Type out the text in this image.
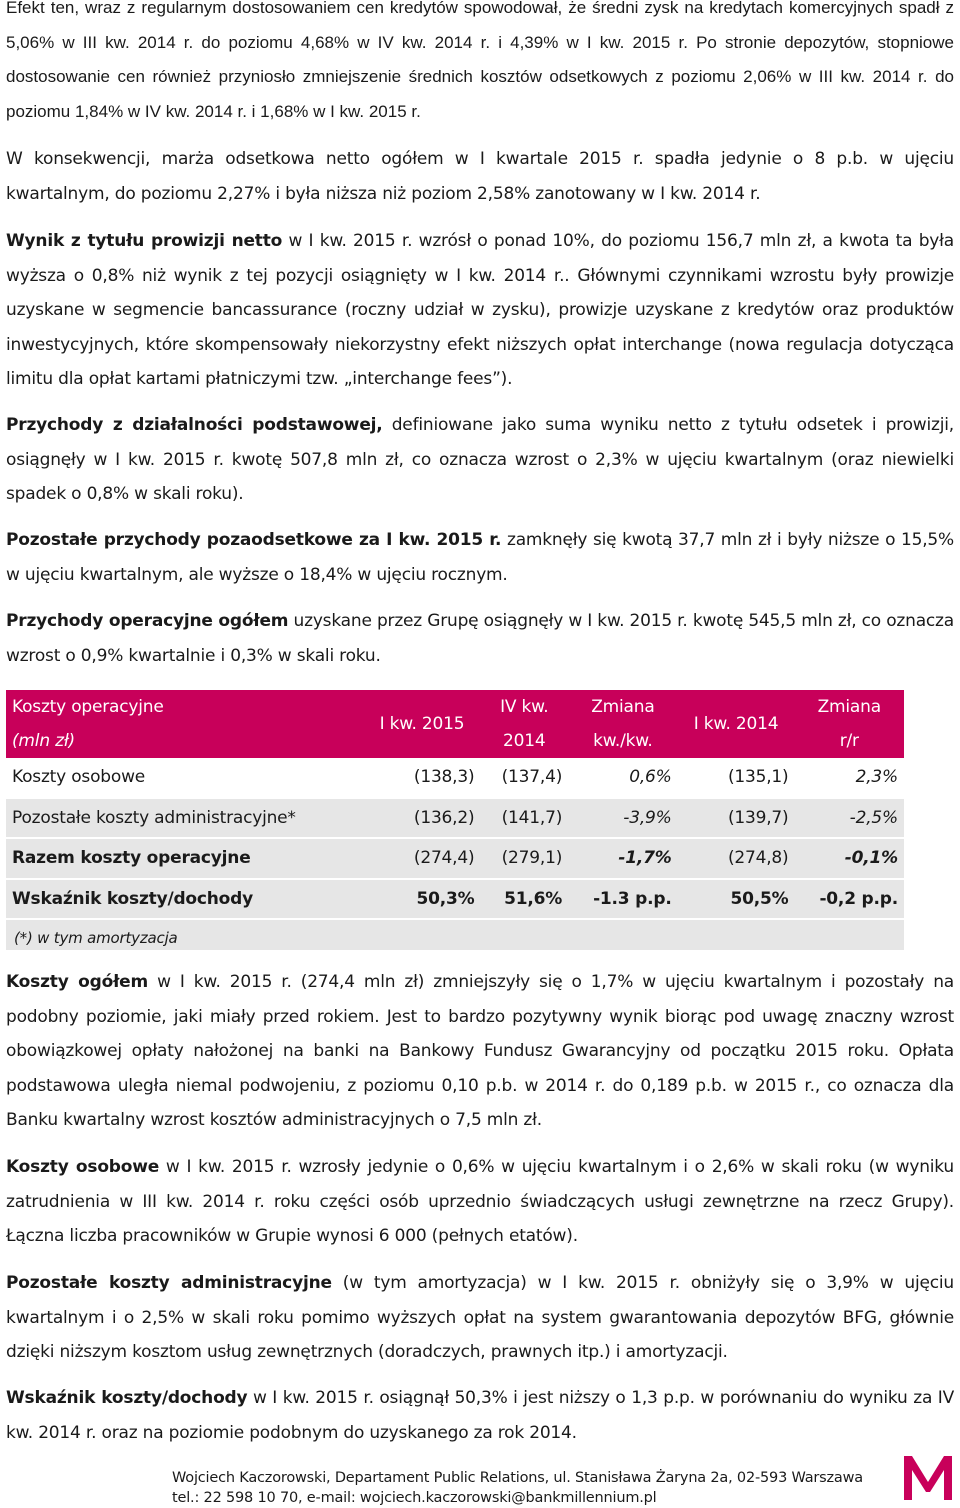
Efekt ten, wraz z regularnym dostosowaniem cen kredytów spowodował, że średni zysk na kredytach komercyjnych spadł z 5,06% w III kw. 2014 r. do poziomu 4,68% w IV kw. 2014 r. i 4,39% w I kw. 2015 r. Po stronie depozytów, stopniowe dostosowanie cen również przyniosło zmniejszenie średnich kosztów odsetkowych z poziomu 2,06% w III kw. 2014 r. do poziomu 1,84% w IV kw. 2014 r. i 1,68% w I kw. 2015 r.

W konsekwencji, marża odsetkowa netto ogółem w I kwartale 2015 r. spadła jedynie o 8 p.b. w ujęciu kwartalnym, do poziomu 2,27% i była niższa niż poziom 2,58% zanotowany w I kw. 2014 r.

Wynik z tytułu prowizji netto w I kw. 2015 r. wzrósł o ponad 10%, do poziomu 156,7 mln zł, a kwota ta była wyższa o 0,8% niż wynik z tej pozycji osiągnięty w I kw. 2014 r.. Głównymi czynnikami wzrostu były prowizje uzyskane w segmencie bancassurance (roczny udział w zysku), prowizje uzyskane z kredytów oraz produktów inwestycyjnych, które skompensowały niekorzystny efekt niższych opłat interchange (nowa regulacja dotycząca limitu dla opłat kartami płatniczymi tzw. „interchange fees”).

Przychody z działalności podstawowej, definiowane jako suma wyniku netto z tytułu odsetek i prowizji, osiągnęły w I kw. 2015 r. kwotę 507,8 mln zł, co oznacza wzrost o 2,3% w ujęciu kwartalnym (oraz niewielki spadek o 0,8% w skali roku).

Pozostałe przychody pozaodsetkowe za I kw. 2015 r. zamknęły się kwotą 37,7 mln zł i były niższe o 15,5% w ujęciu kwartalnym, ale wyższe o 18,4% w ujęciu rocznym.

Przychody operacyjne ogółem uzyskane przez Grupę osiągnęły w I kw. 2015 r. kwotę 545,5 mln zł, co oznacza wzrost o 0,9% kwartalnie i 0,3% w skali roku.

Koszty operacyjne	I kw. 2015	IV kw.	Zmiana	I kw. 2014	Zmiana
(mln zł)		2014	kw./kw.		r/r
Koszty osobowe	(138,3)	(137,4)	0,6%	(135,1)	2,3%
Pozostałe koszty administracyjne*	(136,2)	(141,7)	-3,9%	(139,7)	-2,5%
Razem koszty operacyjne	(274,4)	(279,1)	-1,7%	(274,8)	-0,1%
Wskaźnik koszty/dochody	50,3%	51,6%	-1.3 p.p.	50,5%	-0,2 p.p.

(*) w tym amortyzacja

Koszty ogółem w I kw. 2015 r. (274,4 mln zł) zmniejszyły się o 1,7% w ujęciu kwartalnym i pozostały na podobny poziomie, jaki miały przed rokiem. Jest to bardzo pozytywny wynik biorąc pod uwagę znaczny wzrost obowiązkowej opłaty nałożonej na banki na Bankowy Fundusz Gwarancyjny od początku 2015 roku. Opłata podstawowa uległa niemal podwojeniu, z poziomu 0,10 p.b. w 2014 r. do 0,189 p.b. w 2015 r., co oznacza dla Banku kwartalny wzrost kosztów administracyjnych o 7,5 mln zł.

Koszty osobowe w I kw. 2015 r. wzrosły jedynie o 0,6% w ujęciu kwartalnym i o 2,6% w skali roku (w wyniku zatrudnienia w III kw. 2014 r. roku części osób uprzednio świadczących usługi zewnętrzne na rzecz Grupy). Łączna liczba pracowników w Grupie wynosi 6 000 (pełnych etatów).

Pozostałe koszty administracyjne (w tym amortyzacja) w I kw. 2015 r. obniżyły się o 3,9% w ujęciu kwartalnym i o 2,5% w skali roku pomimo wyższych opłat na system gwarantowania depozytów BFG, głównie dzięki niższym kosztom usług zewnętrznych (doradczych, prawnych itp.) i amortyzacji.

Wskaźnik koszty/dochody w I kw. 2015 r. osiągnął 50,3% i jest niższy o 1,3 p.p. w porównaniu do wyniku za IV kw. 2014 r. oraz na poziomie podobnym do uzyskanego za rok 2014.

Wojciech Kaczorowski, Departament Public Relations, ul. Stanisława Żaryna 2a, 02-593 Warszawa
tel.: 22 598 10 70, e-mail: wojciech.kaczorowski@bankmillennium.pl
